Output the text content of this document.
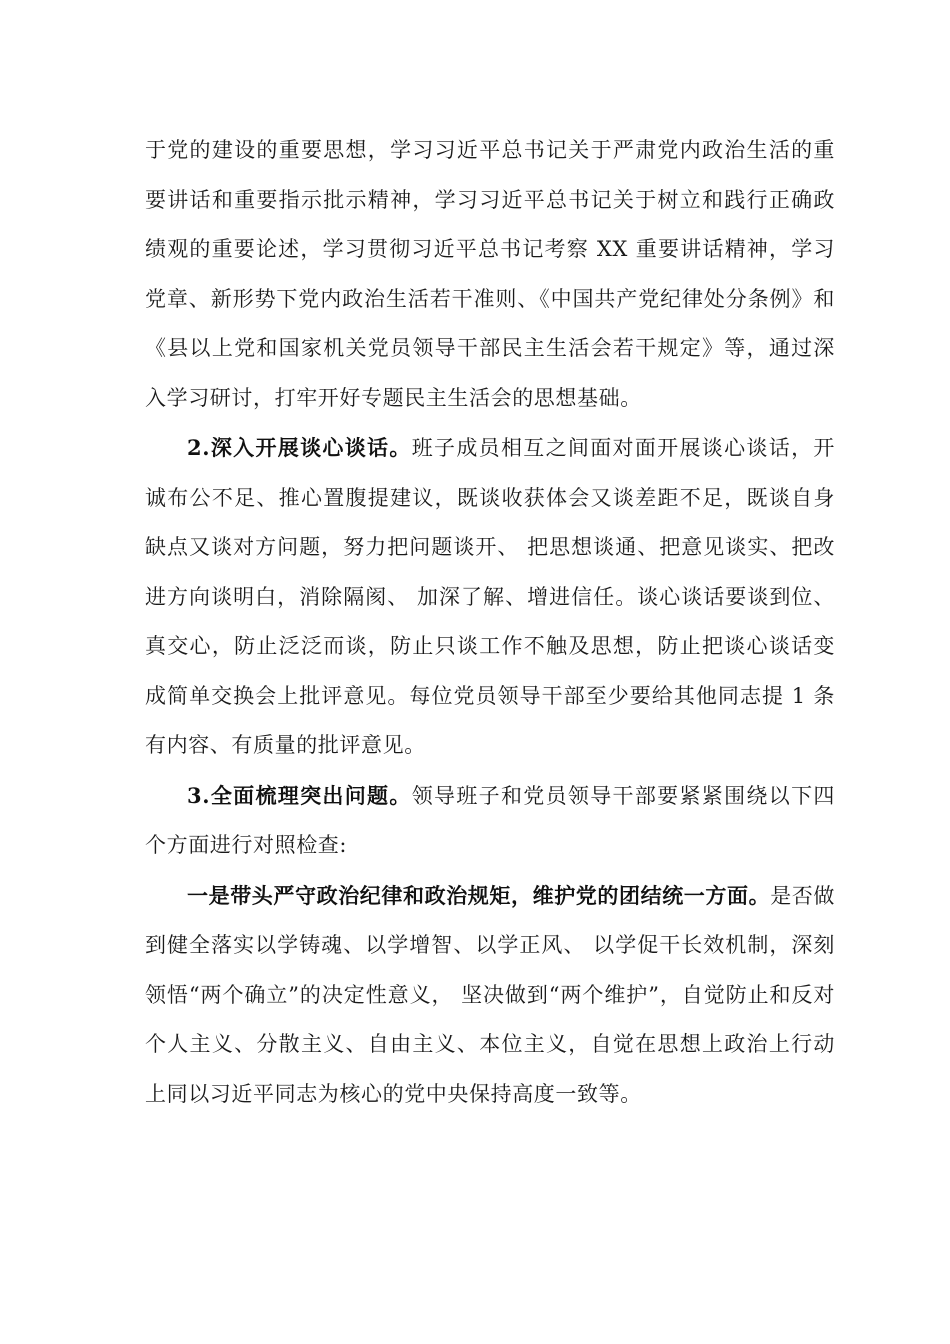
于党的建设的重要思想，学习习近平总书记关于严肃党内政治生活的重要讲话和重要指示批示精神，学习习近平总书记关于树立和践行正确政绩观的重要论述，学习贯彻习近平总书记考察 XX 重要讲话精神，学习党章、新形势下党内政治生活若干准则、《中国共产党纪律处分条例》和《县以上党和国家机关党员领导干部民主生活会若干规定》等，通过深入学习研讨，打牢开好专题民主生活会的思想基础。

2.深入开展谈心谈话。班子成员相互之间面对面开展谈心谈话，开诚布公不足、推心置腹提建议，既谈收获体会又谈差距不足，既谈自身缺点又谈对方问题，努力把问题谈开、 把思想谈通、把意见谈实、把改进方向谈明白，消除隔阂、 加深了解、增进信任。谈心谈话要谈到位、真交心，防止泛泛而谈，防止只谈工作不触及思想，防止把谈心谈话变成简单交换会上批评意见。每位党员领导干部至少要给其他同志提 1 条有内容、有质量的批评意见。

3.全面梳理突出问题。领导班子和党员领导干部要紧紧围绕以下四个方面进行对照检查:

一是带头严守政治纪律和政治规矩，维护党的团结统一方面。是否做到健全落实以学铸魂、以学增智、以学正风、 以学促干长效机制，深刻领悟“两个确立”的决定性意义， 坚决做到“两个维护”，自觉防止和反对个人主义、分散主义、自由主义、本位主义，自觉在思想上政治上行动上同以习近平同志为核心的党中央保持高度一致等。
